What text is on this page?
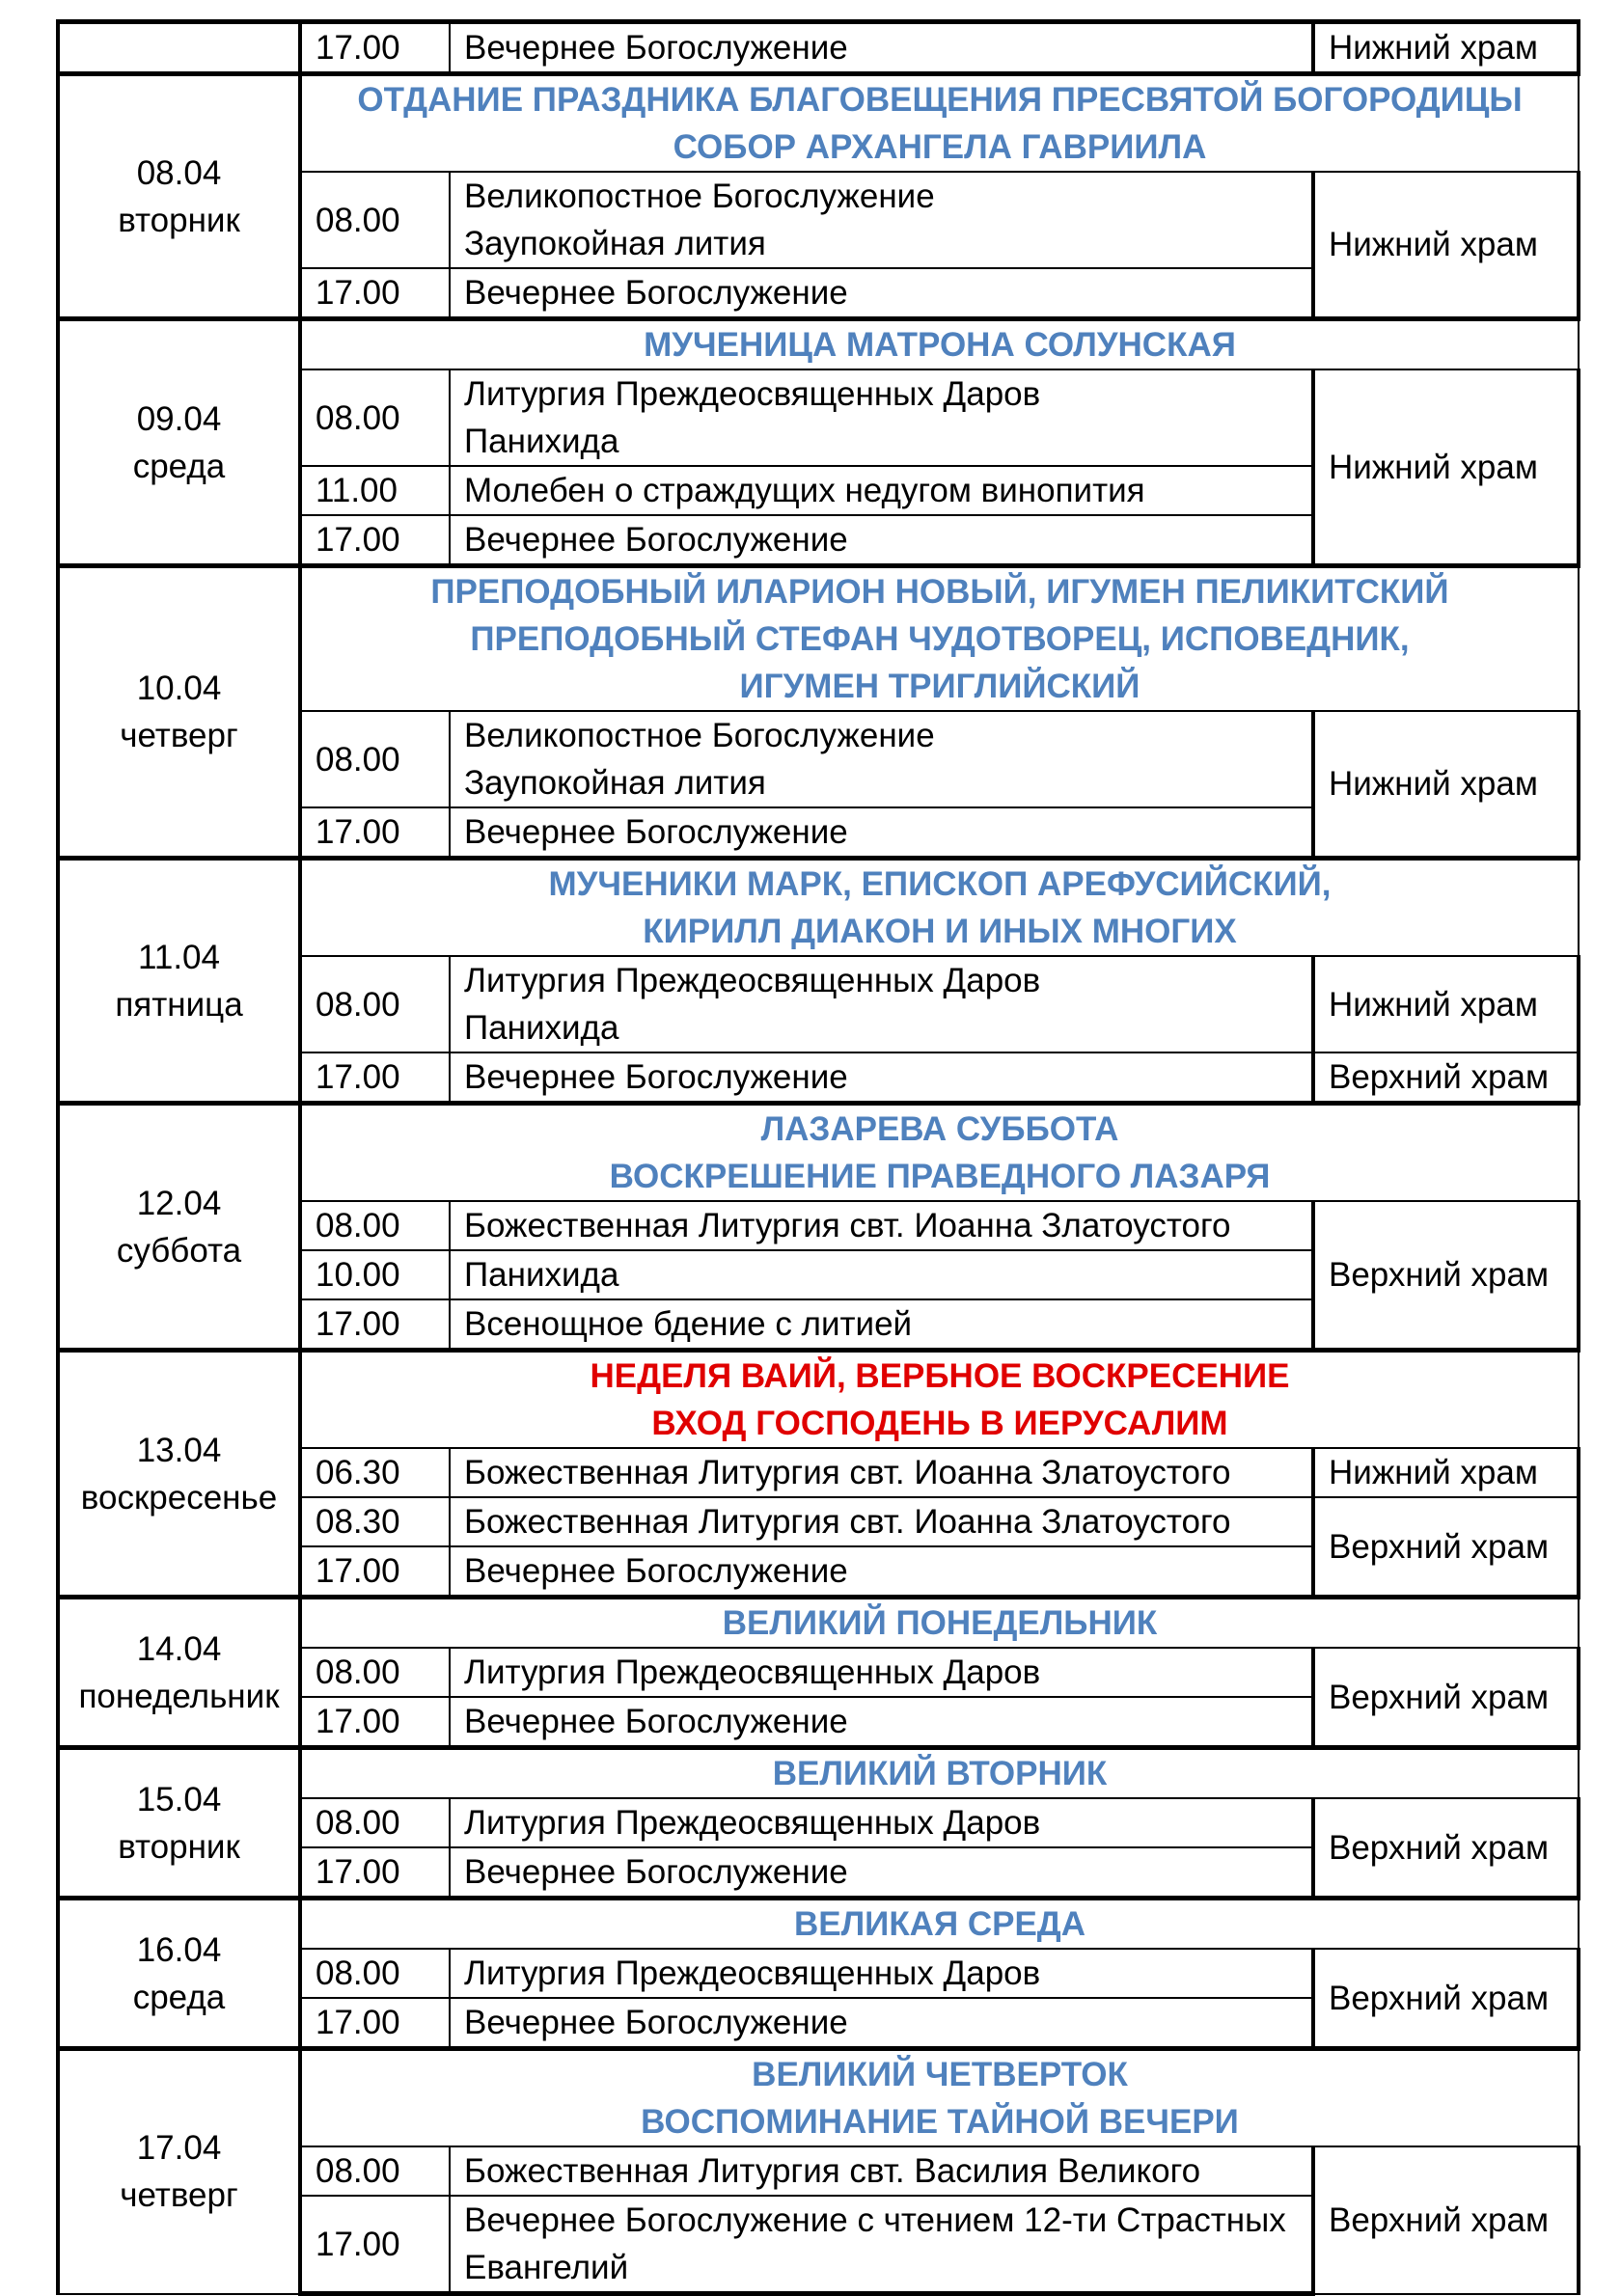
	17.00	Вечернее Богослужение	Нижний храм

08.04
вторник	ОТДАНИЕ ПРАЗДНИКА БЛАГОВЕЩЕНИЯ ПРЕСВЯТОЙ БОГОРОДИЦЫ
СОБОР АРХАНГЕЛА ГАВРИИЛА		

	08.00	Великопостное Богослужение
Заупокойная лития	Нижний храм
	17.00	Вечернее Богослужение	

09.04
среда	МУЧЕНИЦА МАТРОНА СОЛУНСКАЯ		

	08.00	Литургия Преждеосвященных Даров
Панихида	Нижний храм
	11.00	Молебен о страждущих недугом винопития	

	17.00	Вечернее Богослужение	

10.04
четверг	ПРЕПОДОБНЫЙ ИЛАРИОН НОВЫЙ, ИГУМЕН ПЕЛИКИТСКИЙ
ПРЕПОДОБНЫЙ СТЕФАН ЧУДОТВОРЕЦ, ИСПОВЕДНИК,
ИГУМЕН ТРИГЛИЙСКИЙ		

	08.00	Великопостное Богослужение
Заупокойная лития	Нижний храм
	17.00	Вечернее Богослужение	

11.04
пятница	МУЧЕНИКИ МАРК, ЕПИСКОП АРЕФУСИЙСКИЙ,
КИРИЛЛ ДИАКОН И ИНЫХ МНОГИХ		

	08.00	Литургия Преждеосвященных Даров
Панихида	Нижний храм
	17.00	Вечернее Богослужение	Верхний храм

12.04
суббота	ЛАЗАРЕВА СУББОТА
ВОСКРЕШЕНИЕ ПРАВЕДНОГО ЛАЗАРЯ		

	08.00	Божественная Литургия свт. Иоанна Златоустого	Верхний храм
	10.00	Панихида	

	17.00	Всенощное бдение с литией	

13.04
воскресенье	НЕДЕЛЯ ВАИЙ, ВЕРБНОЕ ВОСКРЕСЕНИЕ
ВХОД ГОСПОДЕНЬ В ИЕРУСАЛИМ		

	06.30	Божественная Литургия свт. Иоанна Златоустого	Нижний храм
	08.30	Божественная Литургия свт. Иоанна Златоустого	Верхний храм
	17.00	Вечернее Богослужение	

14.04
понедельник	ВЕЛИКИЙ ПОНЕДЕЛЬНИК		

	08.00	Литургия Преждеосвященных Даров	Верхний храм
	17.00	Вечернее Богослужение	

15.04
вторник	ВЕЛИКИЙ ВТОРНИК		

	08.00	Литургия Преждеосвященных Даров	Верхний храм
	17.00	Вечернее Богослужение	

16.04
среда	ВЕЛИКАЯ СРЕДА		

	08.00	Литургия Преждеосвященных Даров	Верхний храм
	17.00	Вечернее Богослужение	

17.04
четверг	ВЕЛИКИЙ ЧЕТВЕРТОК
ВОСПОМИНАНИЕ ТАЙНОЙ ВЕЧЕРИ		

	08.00	Божественная Литургия свт. Василия Великого	Верхний храм
	17.00	Вечернее Богослужение с чтением 12-ти Страстных
Евангелий	
